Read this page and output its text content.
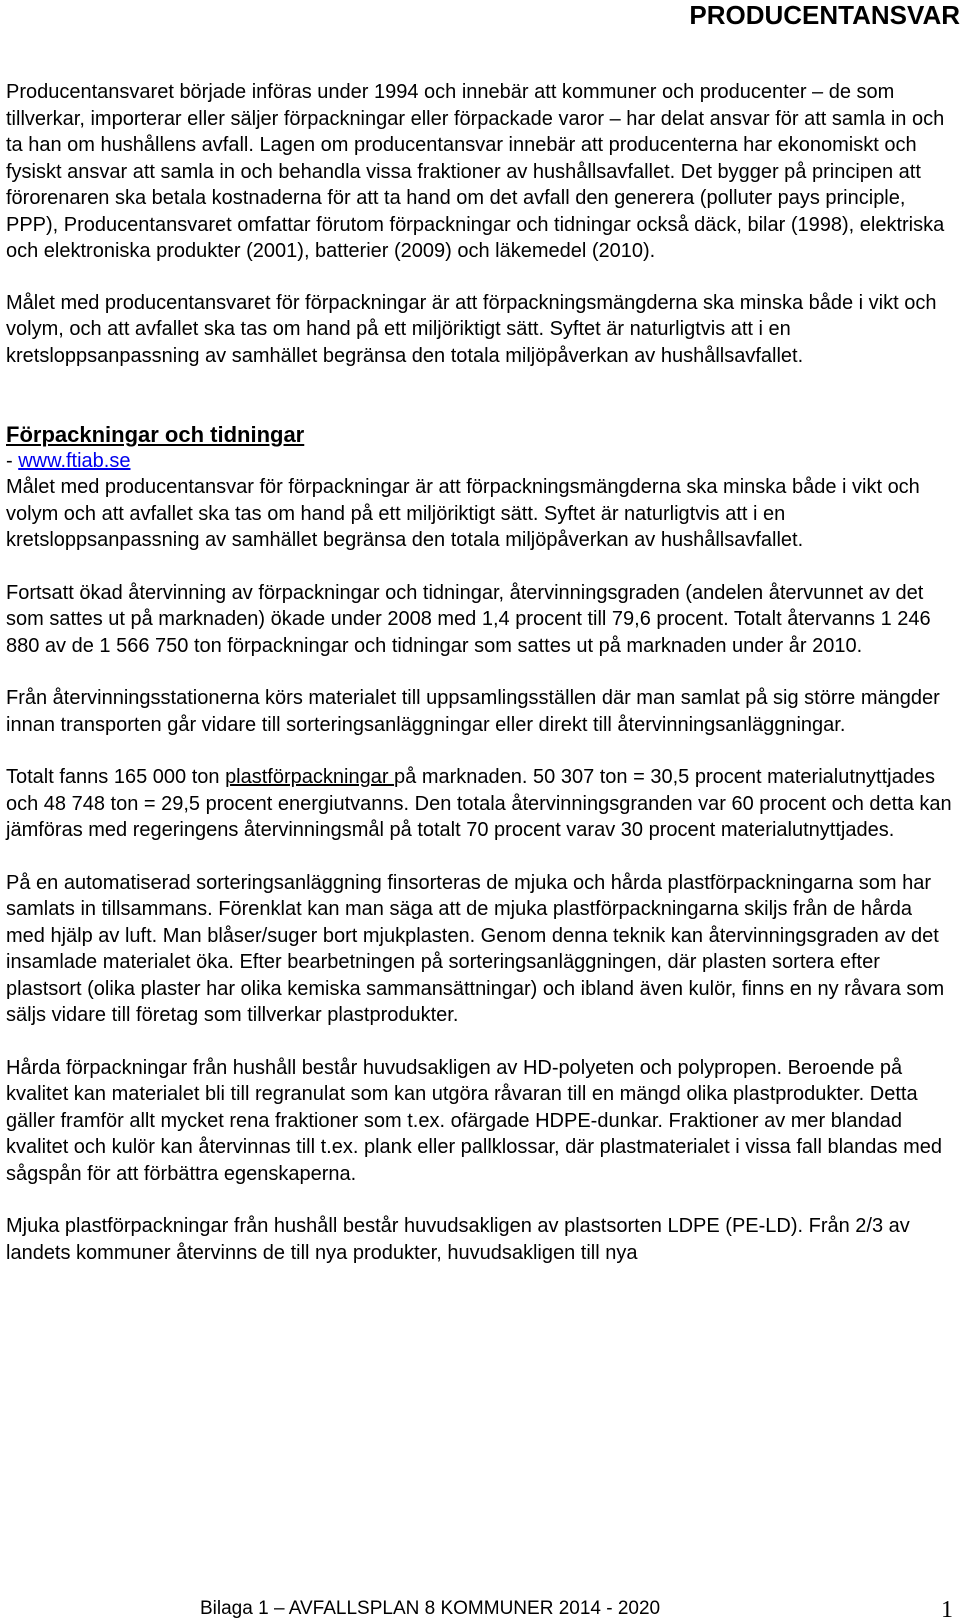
PRODUCENTANSVAR

Producentansvaret började införas under 1994 och innebär att kommuner och producenter – de som tillverkar, importerar eller säljer förpackningar eller förpackade varor – har delat ansvar för att samla in och ta han om hushållens avfall. Lagen om producentansvar innebär att producenterna har ekonomiskt och fysiskt ansvar att samla in och behandla vissa fraktioner av hushållsavfallet. Det bygger på principen att förorenaren ska betala kostnaderna för att ta hand om det avfall den generera (polluter pays principle, PPP), Producentansvaret omfattar förutom förpackningar och tidningar också däck, bilar (1998), elektriska och elektroniska produkter (2001), batterier (2009) och läkemedel (2010).

Målet med producentansvaret för förpackningar är att förpackningsmängderna ska minska både i vikt och volym, och att avfallet ska tas om hand på ett miljöriktigt sätt. Syftet är naturligtvis att i en kretsloppsanpassning av samhället begränsa den totala miljöpåverkan av hushållsavfallet.

Förpackningar och tidningar
- www.ftiab.se

Målet med producentansvar för förpackningar är att förpackningsmängderna ska minska både i vikt och volym och att avfallet ska tas om hand på ett miljöriktigt sätt. Syftet är naturligtvis att i en kretsloppsanpassning av samhället begränsa den totala miljöpåverkan av hushållsavfallet.

Fortsatt ökad återvinning av förpackningar och tidningar, återvinningsgraden (andelen återvunnet av det som sattes ut på marknaden) ökade under 2008 med 1,4 procent till 79,6 procent. Totalt återvanns 1 246 880 av de 1 566 750 ton förpackningar och tidningar som sattes ut på marknaden under år 2010.

Från återvinningsstationerna körs materialet till uppsamlingsställen där man samlat på sig större mängder innan transporten går vidare till sorteringsanläggningar eller direkt till återvinningsanläggningar.

Totalt fanns 165 000 ton plastförpackningar på marknaden. 50 307 ton = 30,5 procent materialutnyttjades och 48 748 ton = 29,5 procent energiutvanns. Den totala återvinningsgranden var 60 procent och detta kan jämföras med regeringens återvinningsmål på totalt 70 procent varav 30 procent materialutnyttjades.

På en automatiserad sorteringsanläggning finsorteras de mjuka och hårda plastförpackningarna som har samlats in tillsammans. Förenklat kan man säga att de mjuka plastförpackningarna skiljs från de hårda med hjälp av luft. Man blåser/suger bort mjukplasten. Genom denna teknik kan återvinningsgraden av det insamlade materialet öka. Efter bearbetningen på sorteringsanläggningen, där plasten sortera efter plastsort (olika plaster har olika kemiska sammansättningar) och ibland även kulör, finns en ny råvara som säljs vidare till företag som tillverkar plastprodukter.

Hårda förpackningar från hushåll består huvudsakligen av HD-polyeten och polypropen. Beroende på kvalitet kan materialet bli till regranulat som kan utgöra råvaran till en mängd olika plastprodukter. Detta gäller framför allt mycket rena fraktioner som t.ex. ofärgade HDPE-dunkar. Fraktioner av mer blandad kvalitet och kulör kan återvinnas till t.ex. plank eller pallklossar, där plastmaterialet i vissa fall blandas med sågspån för att förbättra egenskaperna.

Mjuka plastförpackningar från hushåll består huvudsakligen av plastsorten LDPE (PE-LD). Från 2/3 av landets kommuner återvinns de till nya produkter, huvudsakligen till nya

Bilaga 1 – AVFALLSPLAN 8 KOMMUNER 2014 - 2020	1
